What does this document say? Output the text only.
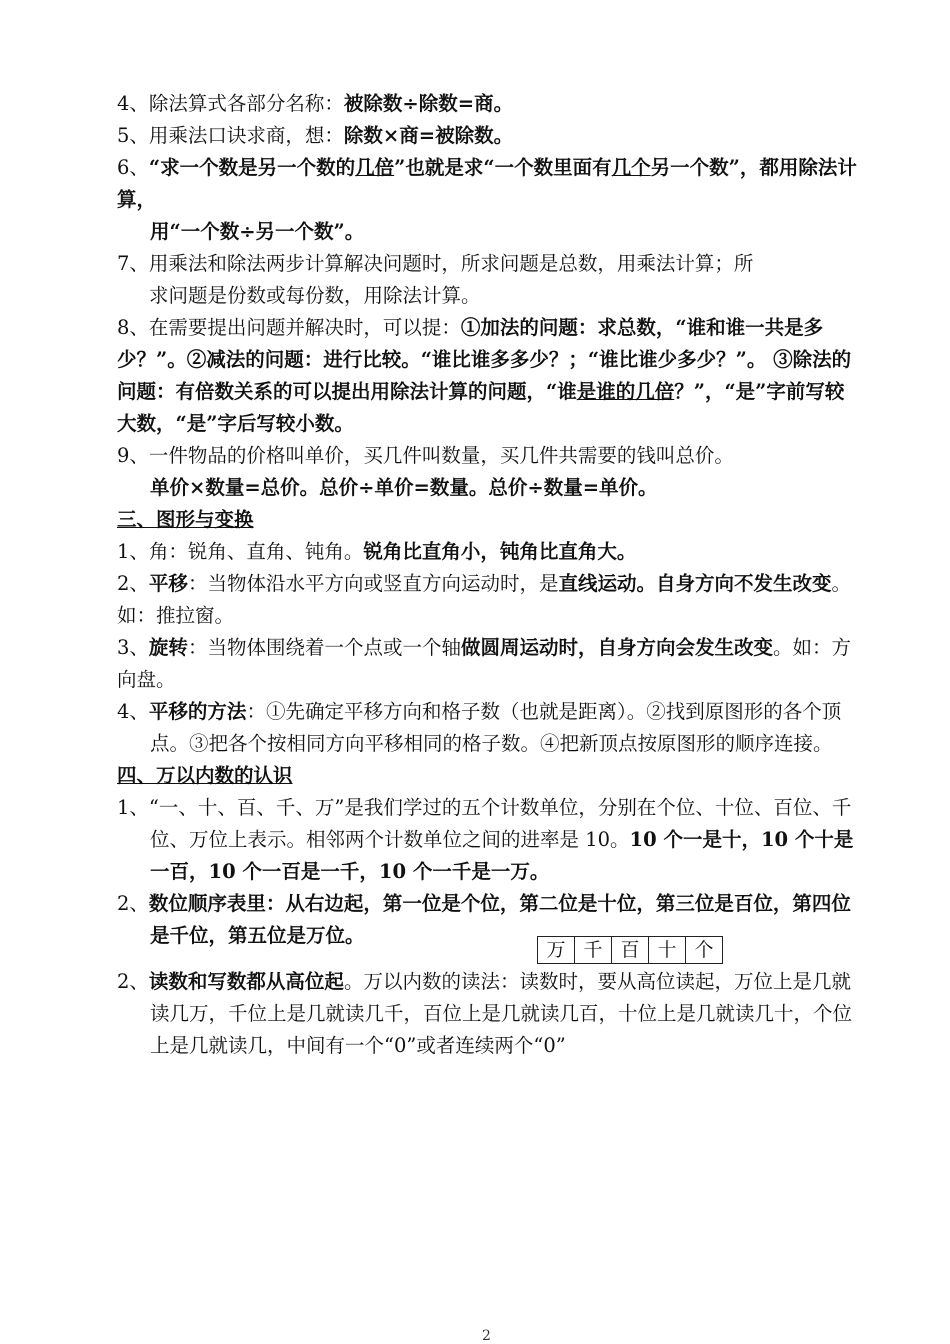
4、除法算式各部分名称：被除数÷除数=商。

5、用乘法口诀求商，想：除数×商=被除数。

6、“求一个数是另一个数的几倍”也就是求“一个数里面有几个另一个数”，都用除法计算，

用“一个数÷另一个数”。

7、用乘法和除法两步计算解决问题时，所求问题是总数，用乘法计算；所
求问题是份数或每份数，用除法计算。

8、在需要提出问题并解决时，可以提：①加法的问题：求总数，“谁和谁一共是多少？”。②减法的问题：进行比较。“谁比谁多多少？；“谁比谁少多少？”。 ③除法的问题：有倍数关系的可以提出用除法计算的问题，“谁是谁的几倍？”，“是”字前写较大数，“是”字后写较小数。

9、一件物品的价格叫单价，买几件叫数量，买几件共需要的钱叫总价。

单价×数量=总价。总价÷单价=数量。总价÷数量=单价。

三、图形与变换

1、角：锐角、直角、钝角。锐角比直角小，钝角比直角大。

2、平移：当物体沿水平方向或竖直方向运动时，是直线运动。自身方向不发生改变。如：推拉窗。

3、旋转：当物体围绕着一个点或一个轴做圆周运动时，自身方向会发生改变。如：方向盘。

4、平移的方法：①先确定平移方向和格子数（也就是距离）。②找到原图形的各个顶点。③把各个按相同方向平移相同的格子数。④把新顶点按原图形的顺序连接。

四、万以内数的认识

1、“一、十、百、千、万”是我们学过的五个计数单位，分别在个位、十位、百位、千位、万位上表示。相邻两个计数单位之间的进率是 10。10 个一是十，10 个十是一百，10 个一百是一千，10 个一千是一万。

2、数位顺序表里：从右边起，第一位是个位，第二位是十位，第三位是百位，第四位是千位，第五位是万位。

万	千	百	十	个

2、读数和写数都从高位起。万以内数的读法：读数时，要从高位读起，万位上是几就读几万，千位上是几就读几千，百位上是几就读几百，十位上是几就读几十，个位上是几就读几，中间有一个“0”或者连续两个“0”

2
